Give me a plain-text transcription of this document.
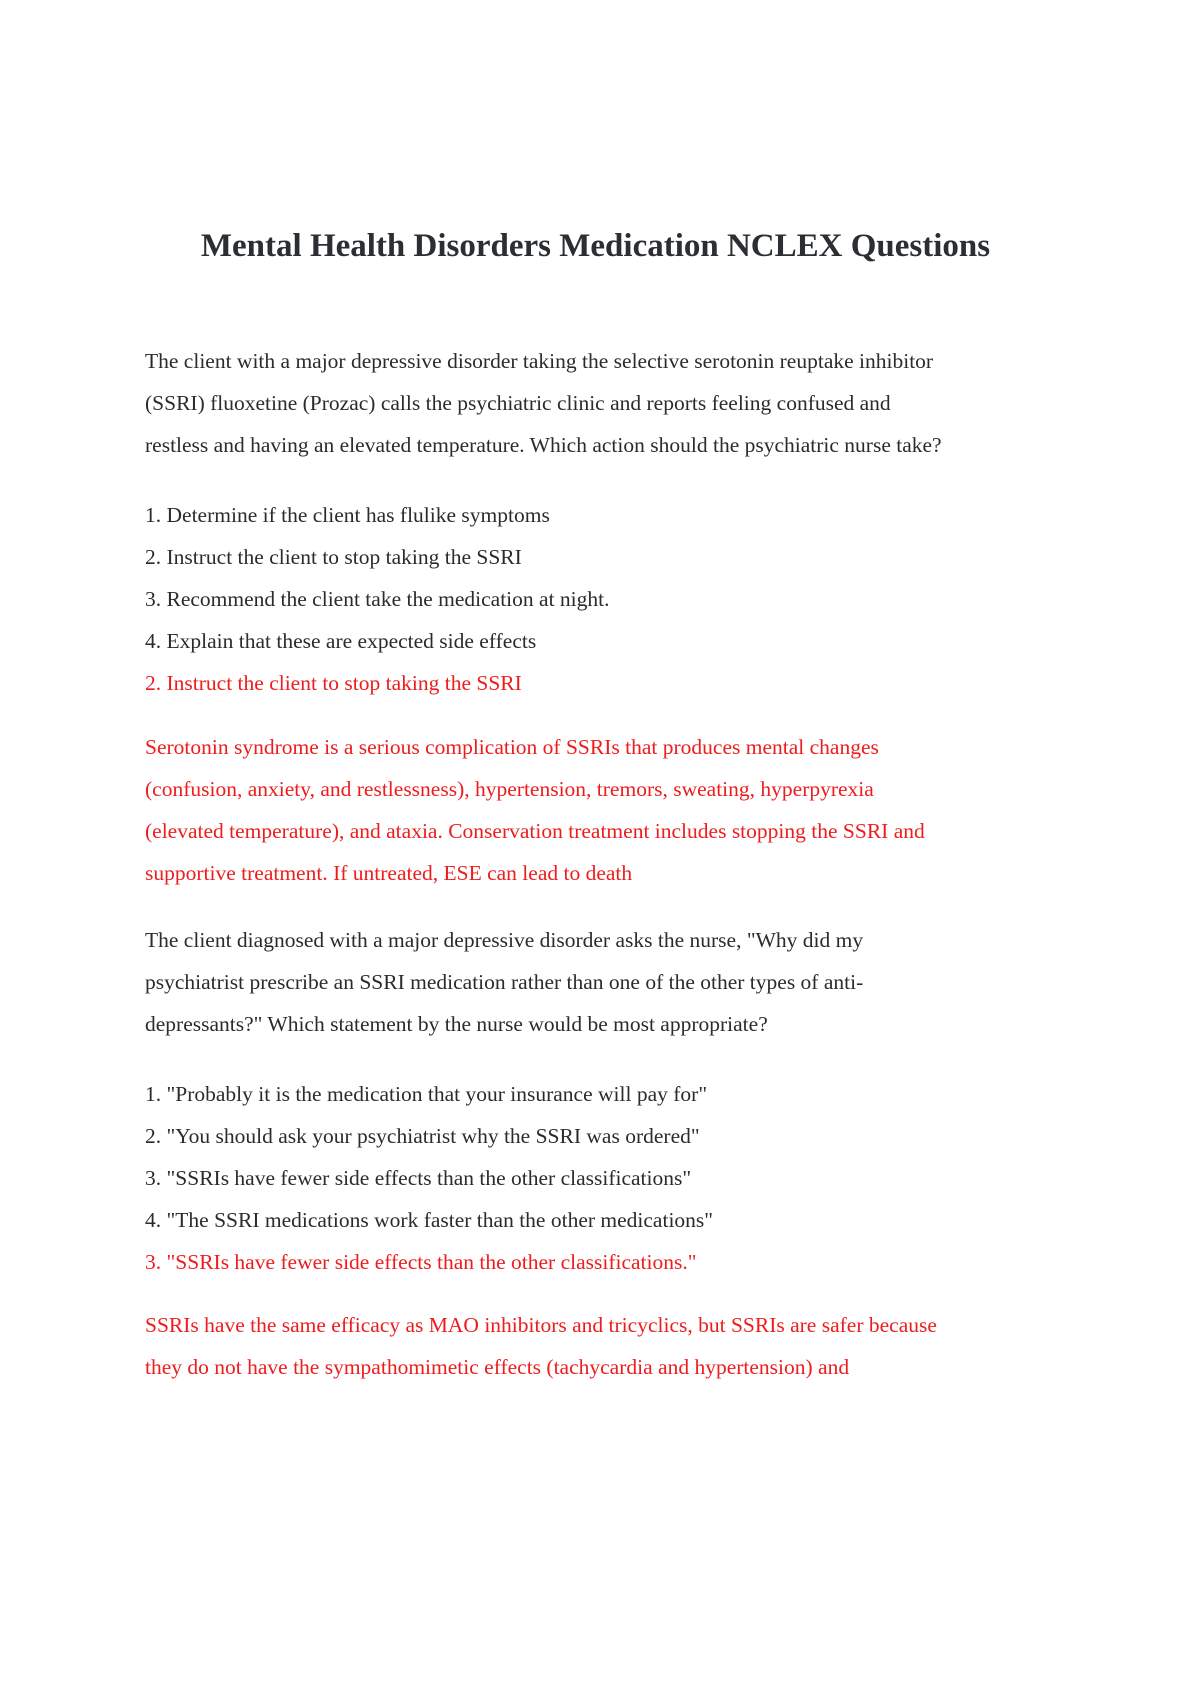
Mental Health Disorders Medication NCLEX Questions

The client with a major depressive disorder taking the selective serotonin reuptake inhibitor
(SSRI) fluoxetine (Prozac) calls the psychiatric clinic and reports feeling confused and
restless and having an elevated temperature. Which action should the psychiatric nurse take?

1. Determine if the client has flulike symptoms
2. Instruct the client to stop taking the SSRI
3. Recommend the client take the medication at night.
4. Explain that these are expected side effects
2. Instruct the client to stop taking the SSRI

Serotonin syndrome is a serious complication of SSRIs that produces mental changes
(confusion, anxiety, and restlessness), hypertension, tremors, sweating, hyperpyrexia
(elevated temperature), and ataxia. Conservation treatment includes stopping the SSRI and
supportive treatment. If untreated, ESE can lead to death

The client diagnosed with a major depressive disorder asks the nurse, "Why did my
psychiatrist prescribe an SSRI medication rather than one of the other types of anti-
depressants?" Which statement by the nurse would be most appropriate?

1. "Probably it is the medication that your insurance will pay for"
2. "You should ask your psychiatrist why the SSRI was ordered"
3. "SSRIs have fewer side effects than the other classifications"
4. "The SSRI medications work faster than the other medications"
3. "SSRIs have fewer side effects than the other classifications."

SSRIs have the same efficacy as MAO inhibitors and tricyclics, but SSRIs are safer because
they do not have the sympathomimetic effects (tachycardia and hypertension) and
